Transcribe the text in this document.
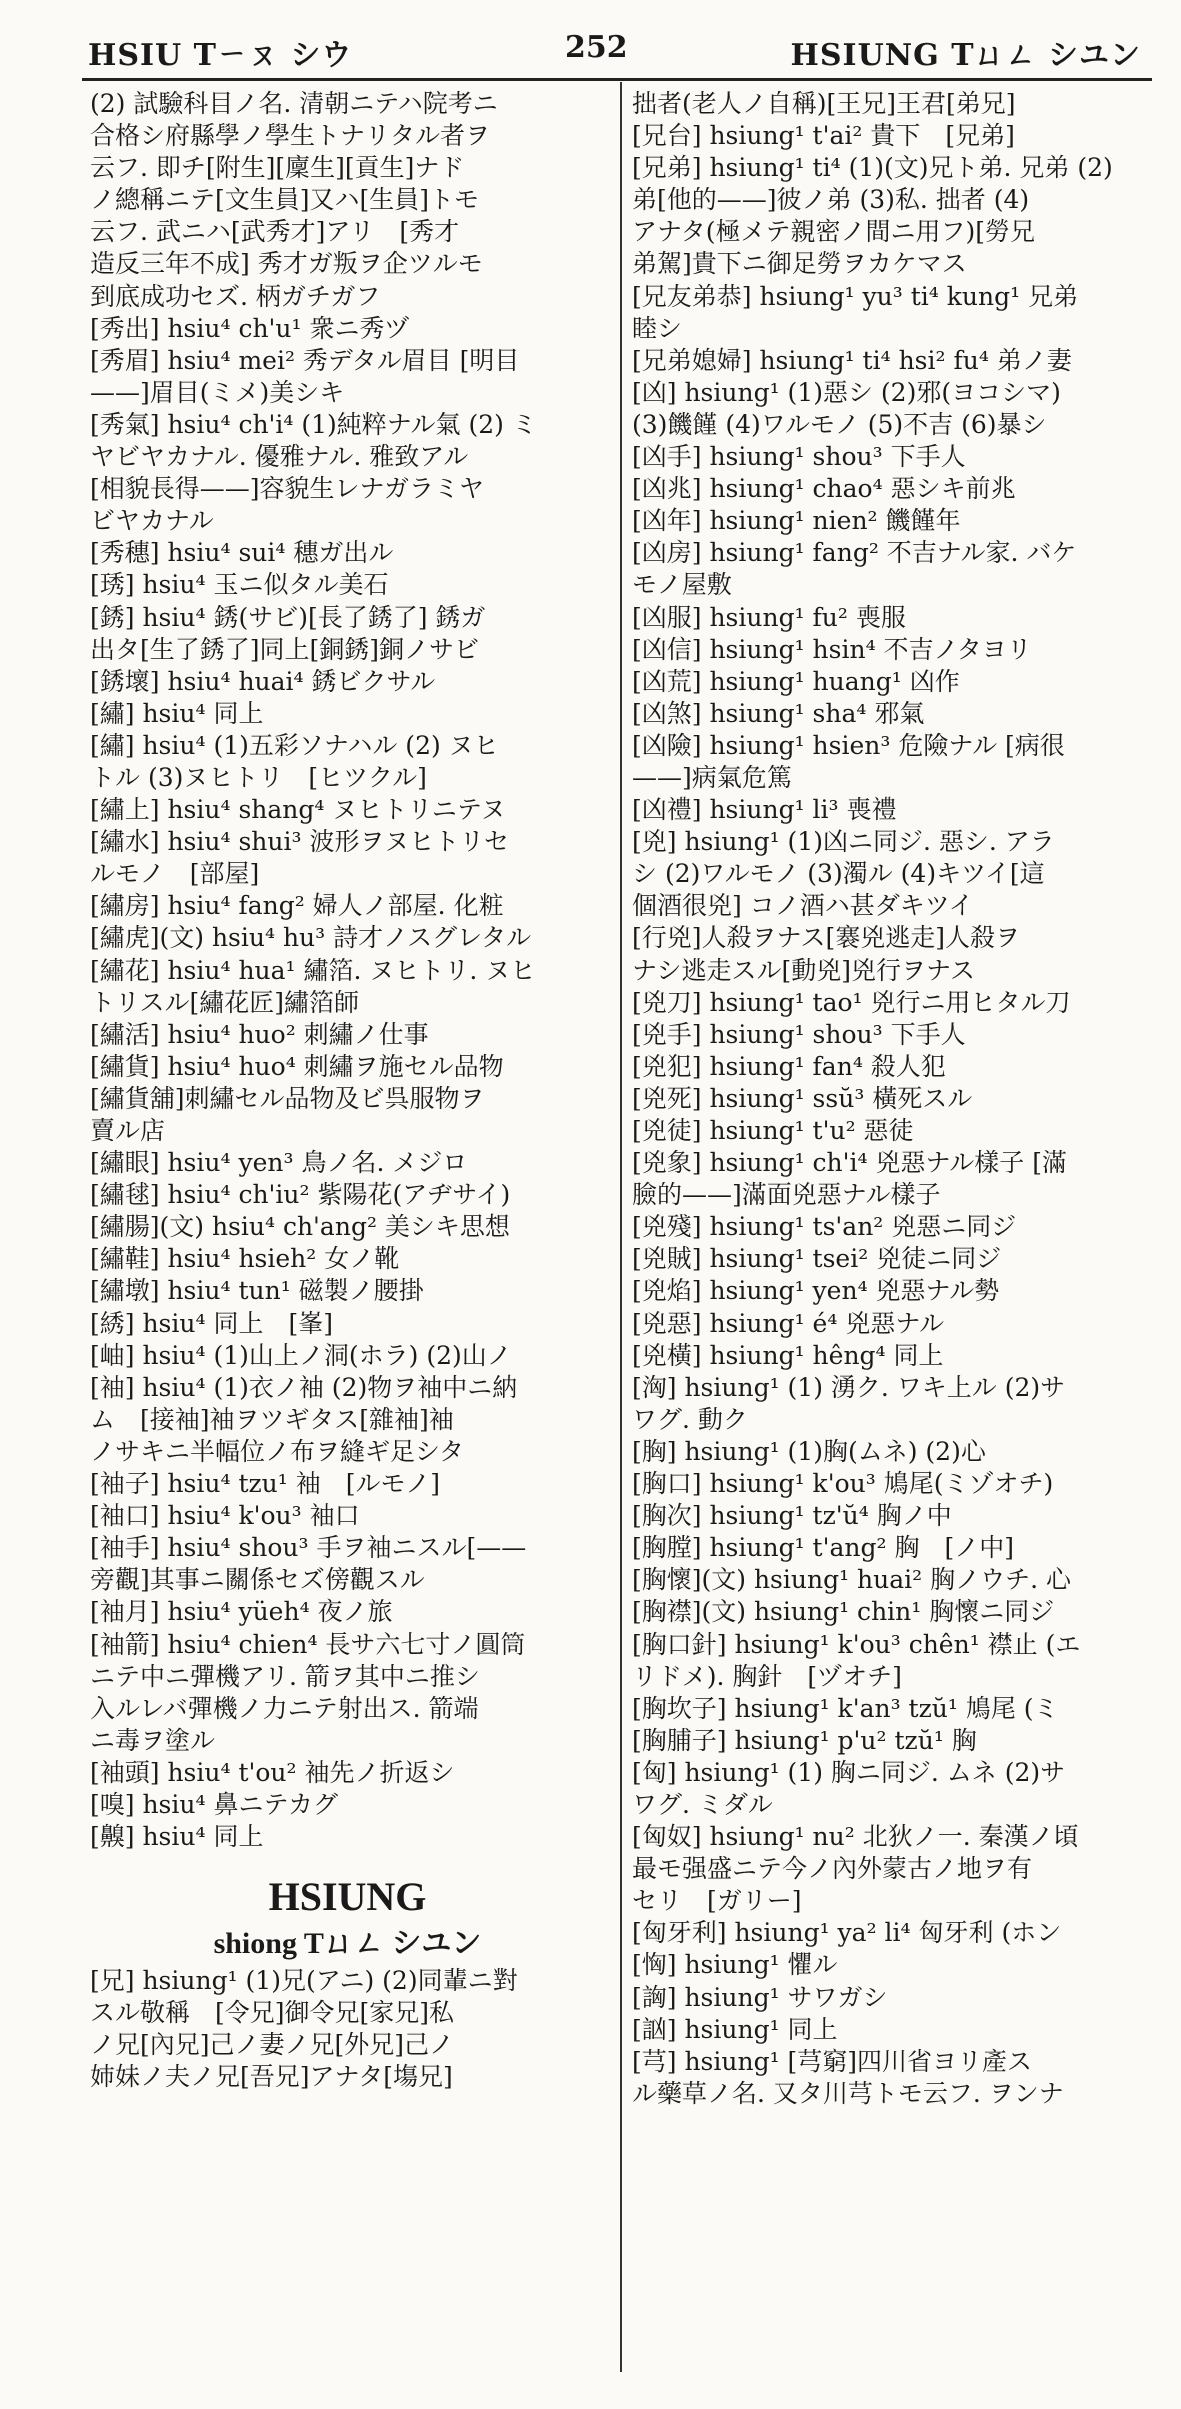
HSIU Tㄧㄡ シウ	252	HSIUNG Tㄩㄥ シユン
(2) 試驗科目ノ名. 清朝ニテハ院考ニ
合格シ府縣學ノ學生トナリタル者ヲ
云フ. 即チ[附生][廩生][貢生]ナド
ノ總稱ニテ[文生員]又ハ[生員]トモ
云フ. 武ニハ[武秀才]アリ　[秀才
造反三年不成] 秀才ガ叛ヲ企ツルモ
到底成功セズ. 柄ガチガフ
[秀出] hsiu⁴ ch'u¹ 衆ニ秀ヅ
[秀眉] hsiu⁴ mei² 秀デタル眉目 [明目
——]眉目(ミメ)美シキ
[秀氣] hsiu⁴ ch'i⁴ (1)純粹ナル氣 (2) ミ
ヤビヤカナル. 優雅ナル. 雅致アル
[相貌長得——]容貌生レナガラミヤ
ビヤカナル
[秀穗] hsiu⁴ sui⁴ 穗ガ出ル
[琇] hsiu⁴ 玉ニ似タル美石
[銹] hsiu⁴ 銹(サビ)[長了銹了] 銹ガ
出タ[生了銹了]同上[銅銹]銅ノサビ
[銹壞] hsiu⁴ huai⁴ 銹ビクサル
[繡] hsiu⁴ 同上
[繡] hsiu⁴ (1)五彩ソナハル (2) ヌヒ
トル (3)ヌヒトリ　[ヒツクル]
[繡上] hsiu⁴ shang⁴ ヌヒトリニテヌ
[繡水] hsiu⁴ shui³ 波形ヲヌヒトリセ
ルモノ　[部屋]
[繡房] hsiu⁴ fang² 婦人ノ部屋. 化粧
[繡虎](文) hsiu⁴ hu³ 詩才ノスグレタル
[繡花] hsiu⁴ hua¹ 繡箔. ヌヒトリ. ヌヒ
トリスル[繡花匠]繡箔師
[繡活] hsiu⁴ huo² 刺繡ノ仕事
[繡貨] hsiu⁴ huo⁴ 刺繡ヲ施セル品物
[繡貨舖]刺繡セル品物及ビ呉服物ヲ
賣ル店
[繡眼] hsiu⁴ yen³ 鳥ノ名. メジロ
[繡毬] hsiu⁴ ch'iu² 紫陽花(アヂサイ)
[繡腸](文) hsiu⁴ ch'ang² 美シキ思想
[繡鞋] hsiu⁴ hsieh² 女ノ靴
[繡墩] hsiu⁴ tun¹ 磁製ノ腰掛
[綉] hsiu⁴ 同上　[峯]
[岫] hsiu⁴ (1)山上ノ洞(ホラ) (2)山ノ
[袖] hsiu⁴ (1)衣ノ袖 (2)物ヲ袖中ニ納
ム　[接袖]袖ヲツギタス[雜袖]袖
ノサキニ半幅位ノ布ヲ縫ギ足シタ
[袖子] hsiu⁴ tzu¹ 袖　[ルモノ]
[袖口] hsiu⁴ k'ou³ 袖口
[袖手] hsiu⁴ shou³ 手ヲ袖ニスル[——
旁觀]其事ニ關係セズ傍觀スル
[袖月] hsiu⁴ yüeh⁴ 夜ノ旅
[袖箭] hsiu⁴ chien⁴ 長サ六七寸ノ圓筒
ニテ中ニ彈機アリ. 箭ヲ其中ニ推シ
入ルレバ彈機ノ力ニテ射出ス. 箭端
ニ毒ヲ塗ル
[袖頭] hsiu⁴ t'ou² 袖先ノ折返シ
[嗅] hsiu⁴ 鼻ニテカグ
[齅] hsiu⁴ 同上
HSIUNG
shiong Tㄩㄥ シユン
[兄] hsiung¹ (1)兄(アニ) (2)同輩ニ對
スル敬稱　[令兄]御令兄[家兄]私
ノ兄[內兄]己ノ妻ノ兄[外兄]己ノ
姉妹ノ夫ノ兄[吾兄]アナタ[塲兄]
拙者(老人ノ自稱)[王兄]王君[弟兄]
[兄台] hsiung¹ t'ai² 貴下　[兄弟]
[兄弟] hsiung¹ ti⁴ (1)(文)兄ト弟. 兄弟 (2)
弟[他的——]彼ノ弟 (3)私. 拙者 (4)
アナタ(極メテ親密ノ間ニ用フ)[勞兄
弟駕]貴下ニ御足勞ヲカケマス
[兄友弟恭] hsiung¹ yu³ ti⁴ kung¹ 兄弟
睦シ
[兄弟媳婦] hsiung¹ ti⁴ hsi² fu⁴ 弟ノ妻
[凶] hsiung¹ (1)惡シ (2)邪(ヨコシマ)
(3)饑饉 (4)ワルモノ (5)不吉 (6)暴シ
[凶手] hsiung¹ shou³ 下手人
[凶兆] hsiung¹ chao⁴ 惡シキ前兆
[凶年] hsiung¹ nien² 饑饉年
[凶房] hsiung¹ fang² 不吉ナル家. バケ
モノ屋敷
[凶服] hsiung¹ fu² 喪服
[凶信] hsiung¹ hsin⁴ 不吉ノタヨリ
[凶荒] hsiung¹ huang¹ 凶作
[凶煞] hsiung¹ sha⁴ 邪氣
[凶險] hsiung¹ hsien³ 危險ナル [病很
——]病氣危篤
[凶禮] hsiung¹ li³ 喪禮
[兇] hsiung¹ (1)凶ニ同ジ. 惡シ. アラ
シ (2)ワルモノ (3)濁ル (4)キツイ[這
個酒很兇] コノ酒ハ甚ダキツイ
[行兇]人殺ヲナス[褰兇逃走]人殺ヲ
ナシ逃走スル[動兇]兇行ヲナス
[兇刀] hsiung¹ tao¹ 兇行ニ用ヒタル刀
[兇手] hsiung¹ shou³ 下手人
[兇犯] hsiung¹ fan⁴ 殺人犯
[兇死] hsiung¹ ssŭ³ 橫死スル
[兇徒] hsiung¹ t'u² 惡徒
[兇象] hsiung¹ ch'i⁴ 兇惡ナル樣子 [滿
臉的——]滿面兇惡ナル樣子
[兇殘] hsiung¹ ts'an² 兇惡ニ同ジ
[兇賊] hsiung¹ tsei² 兇徒ニ同ジ
[兇焰] hsiung¹ yen⁴ 兇惡ナル勢
[兇惡] hsiung¹ é⁴ 兇惡ナル
[兇橫] hsiung¹ hêng⁴ 同上
[洶] hsiung¹ (1) 湧ク. ワキ上ル (2)サ
ワグ. 動ク
[胸] hsiung¹ (1)胸(ムネ) (2)心
[胸口] hsiung¹ k'ou³ 鳩尾(ミゾオチ)
[胸次] hsiung¹ tz'ŭ⁴ 胸ノ中
[胸膛] hsiung¹ t'ang² 胸　[ノ中]
[胸懷](文) hsiung¹ huai² 胸ノウチ. 心
[胸襟](文) hsiung¹ chin¹ 胸懷ニ同ジ
[胸口針] hsiung¹ k'ou³ chên¹ 襟止 (エ
リドメ). 胸針　[ヅオチ]
[胸坎子] hsiung¹ k'an³ tzŭ¹ 鳩尾 (ミ
[胸脯子] hsiung¹ p'u² tzŭ¹ 胸
[匈] hsiung¹ (1) 胸ニ同ジ. ムネ (2)サ
ワグ. ミダル
[匈奴] hsiung¹ nu² 北狄ノ一. 秦漢ノ頃
最モ强盛ニテ今ノ內外蒙古ノ地ヲ有
セリ　[ガリー]
[匈牙利] hsiung¹ ya² li⁴ 匈牙利 (ホン
[恟] hsiung¹ 懼ル
[詾] hsiung¹ サワガシ
[訩] hsiung¹ 同上
[芎] hsiung¹ [芎窮]四川省ヨリ產ス
ル藥草ノ名. 又タ川芎トモ云フ. ヲンナ
